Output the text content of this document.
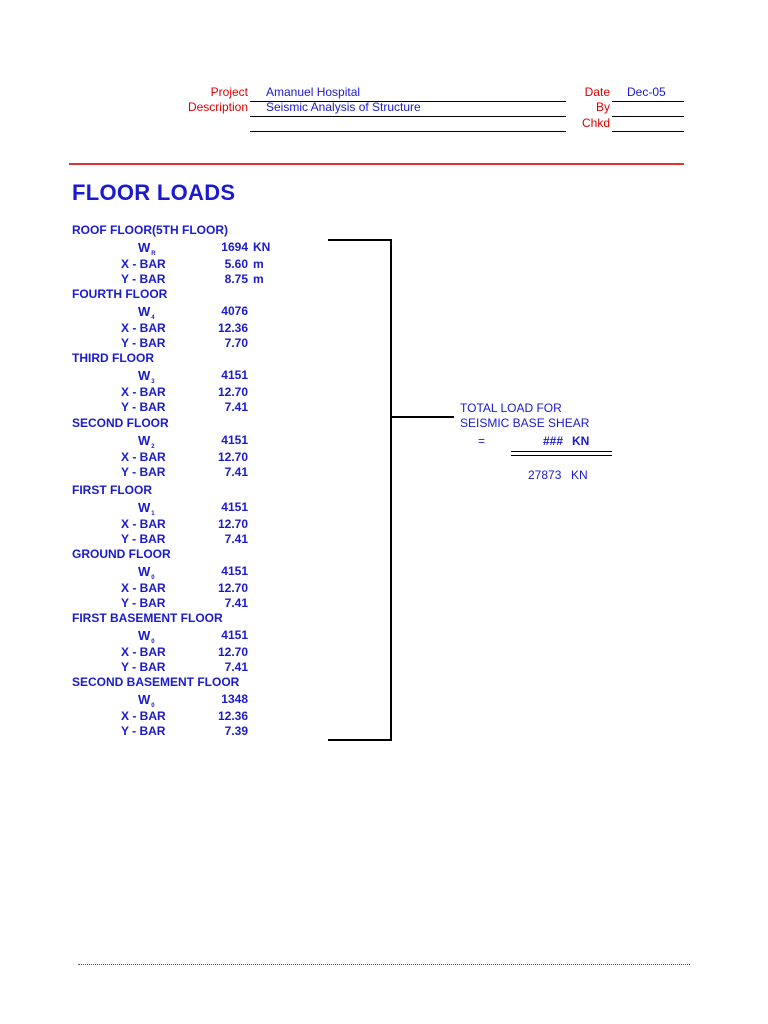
Project Amanuel Hospital
Description Seismic Analysis of Structure
Date Dec-05
By
Chkd
FLOOR LOADS
ROOF FLOOR(5TH FLOOR)
$W_R$	1694 KN
X - BAR	5.60 m
Y - BAR	8.75 m
FOURTH FLOOR
$W_4$	4076
X - BAR	12.36
Y - BAR	7.70
THIRD FLOOR
$W_3$	4151
X - BAR	12.70
Y - BAR	7.41
SECOND FLOOR
$W_2$	4151
X - BAR	12.70
Y - BAR	7.41
FIRST FLOOR
$W_1$	4151
X - BAR	12.70
Y - BAR	7.41
GROUND FLOOR
$W_0$	4151
X - BAR	12.70
Y - BAR	7.41
FIRST BASEMENT FLOOR
$W_0$	4151
X - BAR	12.70
Y - BAR	7.41
SECOND BASEMENT FLOOR
$W_0$	1348
X - BAR	12.36
Y - BAR	7.39
TOTAL LOAD FOR
SEISMIC BASE SHEAR
=	### KN
27873 KN
